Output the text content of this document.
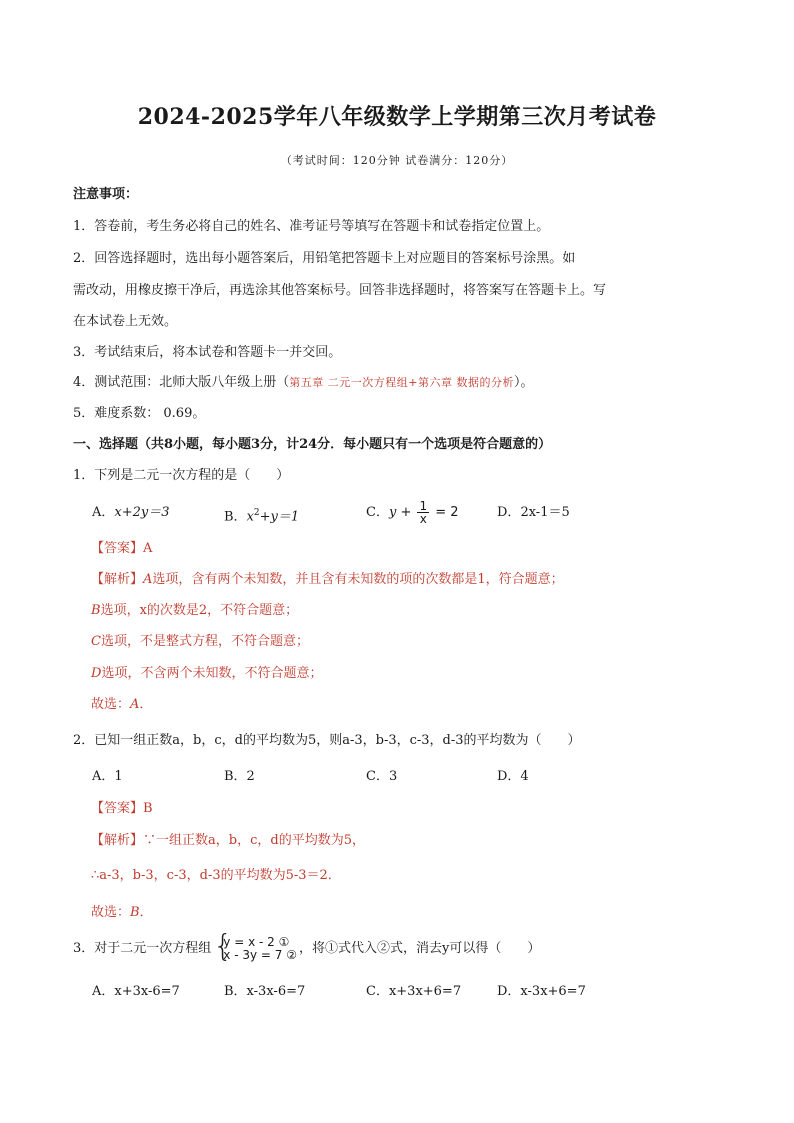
2024-2025学年八年级数学上学期第三次月考试卷
（考试时间：120分钟 试卷满分：120分）
注意事项：
1．答卷前，考生务必将自己的姓名、准考证号等填写在答题卡和试卷指定位置上。
2．回答选择题时，选出每小题答案后，用铅笔把答题卡上对应题目的答案标号涂黑。如
需改动，用橡皮擦干净后，再选涂其他答案标号。回答非选择题时，将答案写在答题卡上。写
在本试卷上无效。
3．考试结束后，将本试卷和答题卡一并交回。
4．测试范围：北师大版八年级上册（第五章 二元一次方程组+第六章 数据的分析）。
5．难度系数： 0.69。
一、选择题（共8小题，每小题3分，计24分．每小题只有一个选项是符合题意的）
1．下列是二元一次方程的是（　　）
A．x+2y＝3	B．$x^2+y=1$	C．$y + \frac{1}{x} = 2$	D．2x-1＝5
【答案】A
【解析】A选项，含有两个未知数，并且含有未知数的项的次数都是1，符合题意；
B选项，x的次数是2，不符合题意；
C选项，不是整式方程，不符合题意；
D选项，不含两个未知数，不符合题意；
故选：A．
2．已知一组正数a，b，c，d的平均数为5，则a-3，b-3，c-3，d-3的平均数为（　　）
A．1	B．2	C．3	D．4
【答案】B
【解析】∵一组正数a，b，c，d的平均数为5，
∴a-3，b-3，c-3，d-3的平均数为5-3＝2．
故选：B．
3．对于二元一次方程组 {
y = x - 2 ①
x - 3y = 7 ② ，将①式代入②式，消去y可以得（　　）
A．x+3x-6=7	B．x-3x-6=7	C．x+3x+6=7	D．x-3x+6=7
